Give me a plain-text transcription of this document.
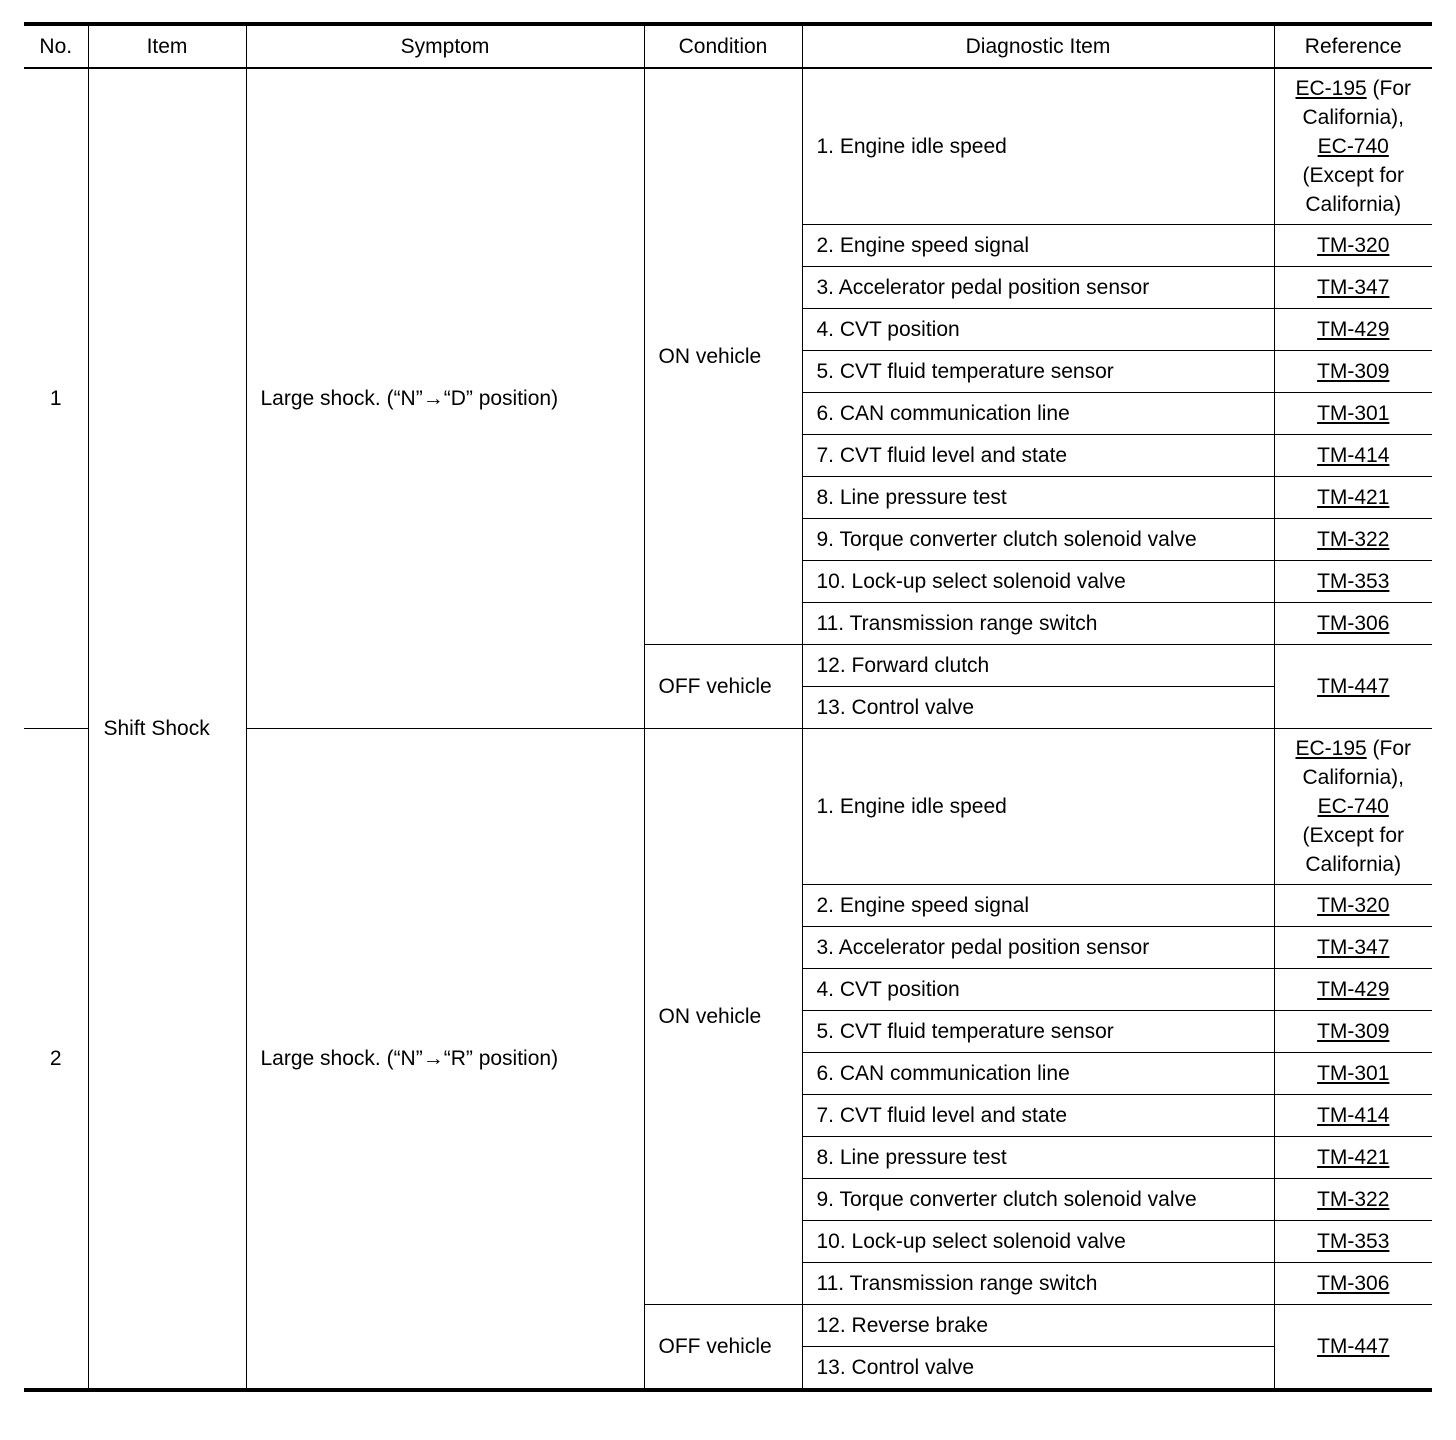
No.	Item	Symptom	Condition	Diagnostic Item	Reference
1	Shift Shock	Large shock. (“N”→“D” position)	ON vehicle	1. Engine idle speed	EC-195 (For California),
EC-740 (Except for California)
				2. Engine speed signal	TM-320
				3. Accelerator pedal position sensor	TM-347
				4. CVT position	TM-429
				5. CVT fluid temperature sensor	TM-309
				6. CAN communication line	TM-301
				7. CVT fluid level and state	TM-414
				8. Line pressure test	TM-421
				9. Torque converter clutch solenoid valve	TM-322
				10. Lock-up select solenoid valve	TM-353
				11. Transmission range switch	TM-306
			OFF vehicle	12. Forward clutch	TM-447
				13. Control valve	
2		Large shock. (“N”→“R” position)	ON vehicle	1. Engine idle speed	EC-195 (For California),
EC-740 (Except for California)
				2. Engine speed signal	TM-320
				3. Accelerator pedal position sensor	TM-347
				4. CVT position	TM-429
				5. CVT fluid temperature sensor	TM-309
				6. CAN communication line	TM-301
				7. CVT fluid level and state	TM-414
				8. Line pressure test	TM-421
				9. Torque converter clutch solenoid valve	TM-322
				10. Lock-up select solenoid valve	TM-353
				11. Transmission range switch	TM-306
			OFF vehicle	12. Reverse brake	TM-447
				13. Control valve	
